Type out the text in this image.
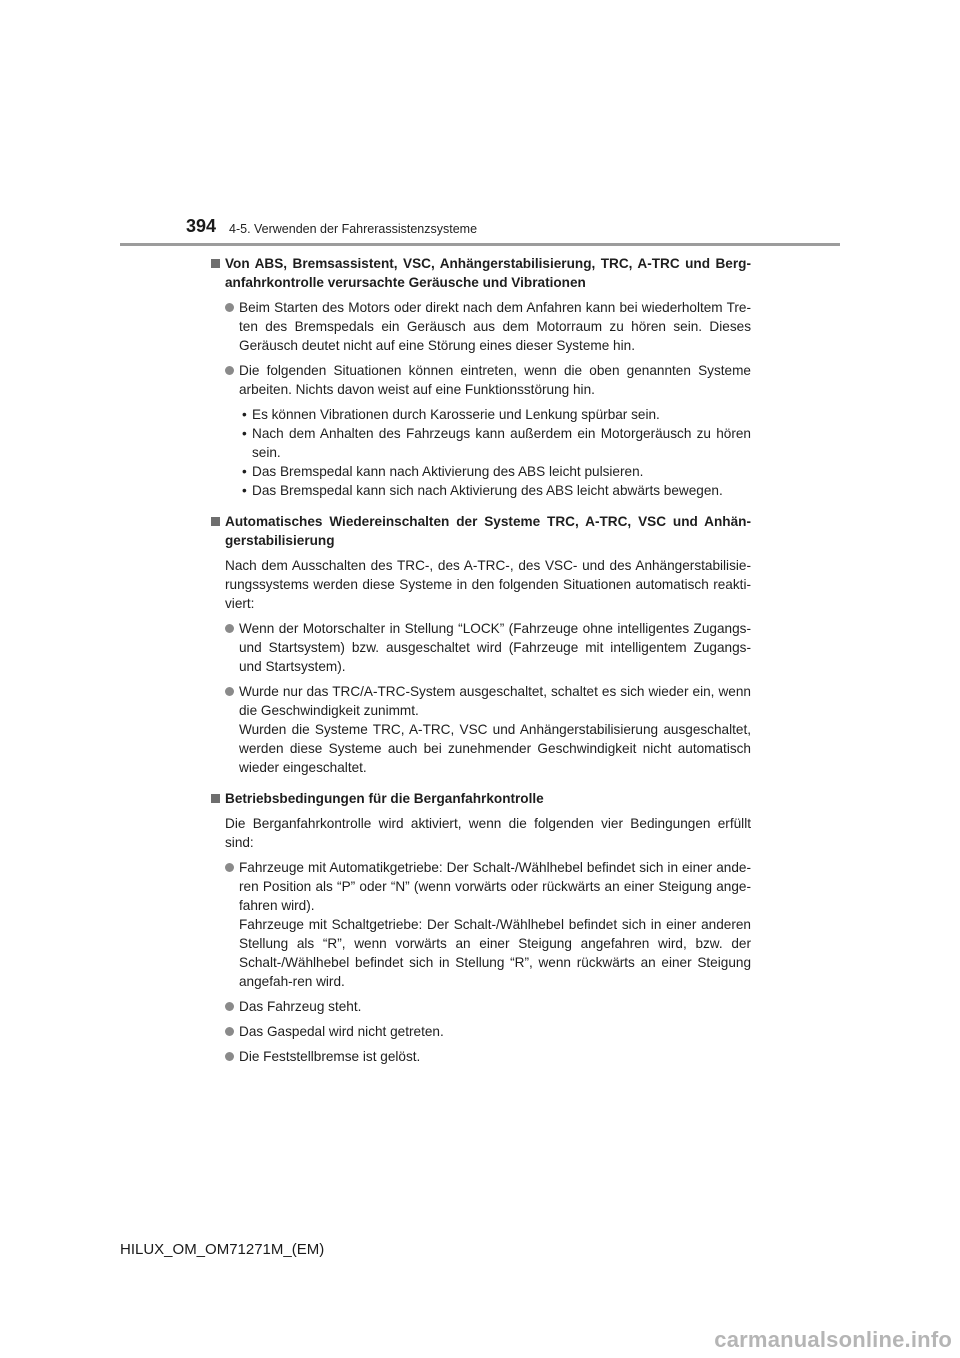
394 4-5. Verwenden der Fahrerassistenzsysteme
Von ABS, Bremsassistent, VSC, Anhängerstabilisierung, TRC, A-TRC und Berg-anfahrkontrolle verursachte Geräusche und Vibrationen
Beim Starten des Motors oder direkt nach dem Anfahren kann bei wiederholtem Tre-ten des Bremspedals ein Geräusch aus dem Motorraum zu hören sein. Dieses Geräusch deutet nicht auf eine Störung eines dieser Systeme hin.
Die folgenden Situationen können eintreten, wenn die oben genannten Systeme arbeiten. Nichts davon weist auf eine Funktionsstörung hin.
• Es können Vibrationen durch Karosserie und Lenkung spürbar sein.
• Nach dem Anhalten des Fahrzeugs kann außerdem ein Motorgeräusch zu hören sein.
• Das Bremspedal kann nach Aktivierung des ABS leicht pulsieren.
• Das Bremspedal kann sich nach Aktivierung des ABS leicht abwärts bewegen.
Automatisches Wiedereinschalten der Systeme TRC, A-TRC, VSC und Anhän-gerstabilisierung
Nach dem Ausschalten des TRC-, des A-TRC-, des VSC- und des Anhängerstabilisie-rungssystems werden diese Systeme in den folgenden Situationen automatisch reakti-viert:
Wenn der Motorschalter in Stellung “LOCK” (Fahrzeuge ohne intelligentes Zugangs- und Startsystem) bzw. ausgeschaltet wird (Fahrzeuge mit intelligentem Zugangs- und Startsystem).
Wurde nur das TRC/A-TRC-System ausgeschaltet, schaltet es sich wieder ein, wenn die Geschwindigkeit zunimmt.
Wurden die Systeme TRC, A-TRC, VSC und Anhängerstabilisierung ausgeschaltet, werden diese Systeme auch bei zunehmender Geschwindigkeit nicht automatisch wieder eingeschaltet.
Betriebsbedingungen für die Berganfahrkontrolle
Die Berganfahrkontrolle wird aktiviert, wenn die folgenden vier Bedingungen erfüllt sind:
Fahrzeuge mit Automatikgetriebe: Der Schalt-/Wählhebel befindet sich in einer ande-ren Position als “P” oder “N” (wenn vorwärts oder rückwärts an einer Steigung ange-fahren wird).
Fahrzeuge mit Schaltgetriebe: Der Schalt-/Wählhebel befindet sich in einer anderen Stellung als “R”, wenn vorwärts an einer Steigung angefahren wird, bzw. der Schalt-/Wählhebel befindet sich in Stellung “R”, wenn rückwärts an einer Steigung angefah-ren wird.
Das Fahrzeug steht.
Das Gaspedal wird nicht getreten.
Die Feststellbremse ist gelöst.
HILUX_OM_OM71271M_(EM)
carmanualsonline.info
